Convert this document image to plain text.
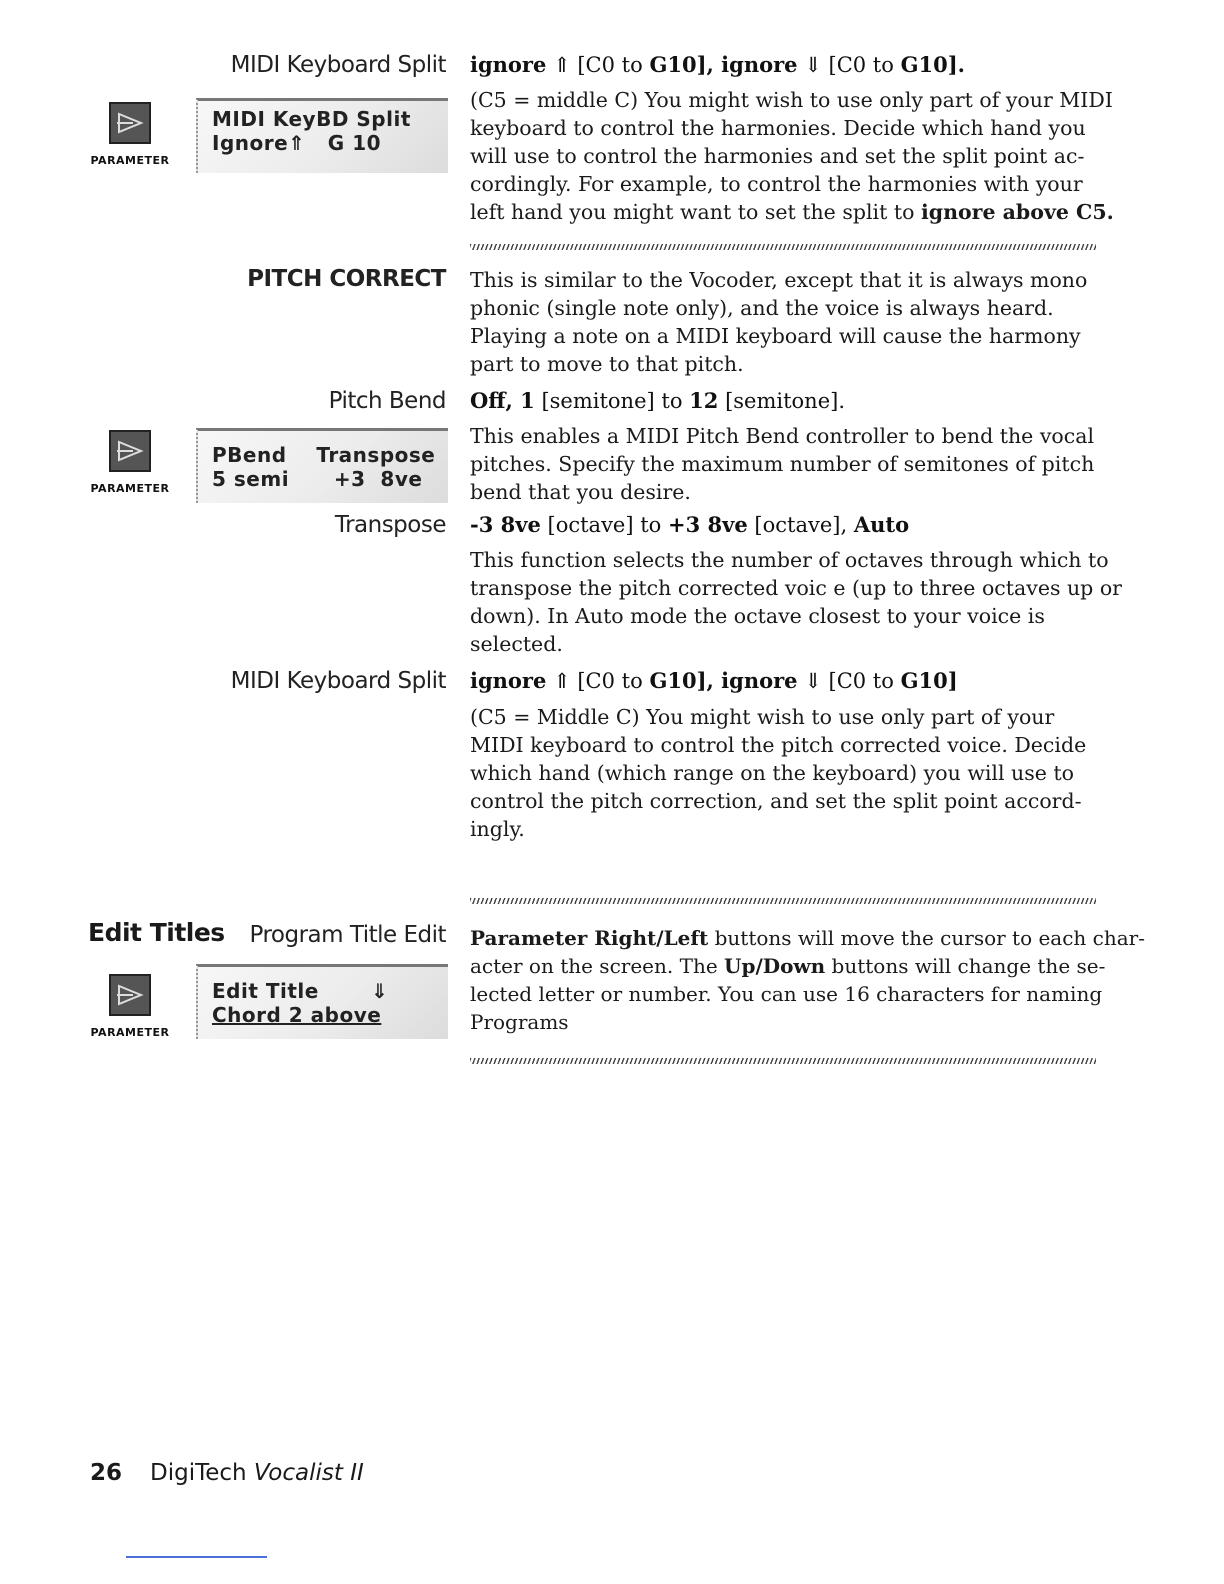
MIDI Keyboard Split ignore ⇑ [C0 to G10], ignore ⇓ [C0 to G10].
PARAMETER
MIDI KeyBD Split
Ignore⇑   G 10
(C5 = middle C) You might wish to use only part of your MIDI
keyboard to control the harmonies. Decide which hand you
will use to control the harmonies and set the split point ac-
cordingly. For example, to control the harmonies with your
left hand you might want to set the split to ignore above C5.
PITCH CORRECT This is similar to the Vocoder, except that it is always mono
phonic (single note only), and the voice is always heard.
Playing a note on a MIDI keyboard will cause the harmony
part to move to that pitch.
Pitch Bend Off, 1 [semitone] to 12 [semitone].
PARAMETER
PBend    Transpose
5 semi      +3  8ve
This enables a MIDI Pitch Bend controller to bend the vocal
pitches. Specify the maximum number of semitones of pitch
bend that you desire.
Transpose -3 8ve [octave] to +3 8ve [octave], Auto
This function selects the number of octaves through which to
transpose the pitch corrected voic e (up to three octaves up or
down). In Auto mode the octave closest to your voice is
selected.
MIDI Keyboard Split ignore ⇑ [C0 to G10], ignore ⇓ [C0 to G10]
(C5 = Middle C) You might wish to use only part of your
MIDI keyboard to control the pitch corrected voice. Decide
which hand (which range on the keyboard) you will use to
control the pitch correction, and set the split point accord-
ingly.
Edit Titles Program Title Edit
PARAMETER
Edit Title       ⇓
Chord 2 above
Parameter Right/Left buttons will move the cursor to each char-
acter on the screen. The Up/Down buttons will change the se-
lected letter or number. You can use 16 characters for naming
Programs
26 DigiTech Vocalist II
